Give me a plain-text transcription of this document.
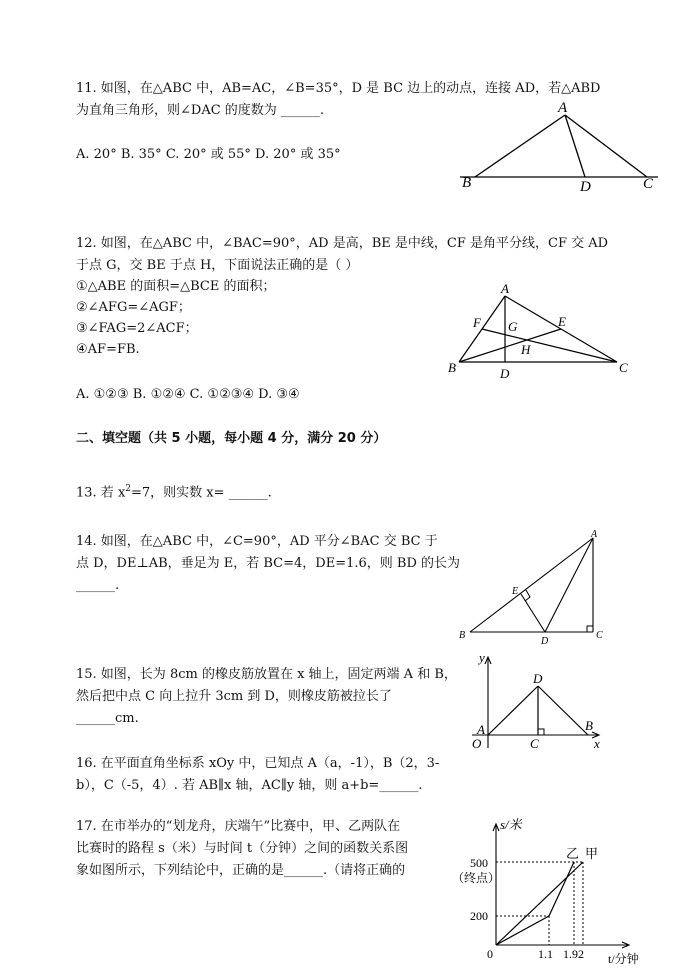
11. 如图，在△ABC 中，AB=AC，∠B=35°，D 是 BC 边上的动点，连接 AD，若△ABD
为直角三角形，则∠DAC 的度数为 ______.
A. 20° B. 35° C. 20° 或 55° D. 20° 或 35°
A
B	D	C
12. 如图，在△ABC 中，∠BAC=90°，AD 是高，BE 是中线，CF 是角平分线，CF 交 AD
于点 G，交 BE 于点 H，下面说法正确的是（ ）
①△ABE 的面积=△BCE 的面积；
②∠AFG=∠AGF；
③∠FAG=2∠ACF；
④AF=FB.
A. ①②③ B. ①②④ C. ①②③④ D. ③④
A
B	C
D
E
F G
H
二、填空题（共 5 小题，每小题 4 分，满分 20 分）
13. 若 $x^2=7$，则实数 x= ______.
14. 如图，在△ABC 中，∠C=90°，AD 平分∠BAC 交 BC 于
点 D，DE⊥AB，垂足为 E，若 BC=4，DE=1.6，则 BD 的长为
______.
A
B	C
D
E
15. 如图，长为 8cm 的橡皮筋放置在 x 轴上，固定两端 A 和 B，
然后把中点 C 向上拉升 3cm 到 D，则橡皮筋被拉长了
______cm.
y
x
O
A	B
C
D
16. 在平面直角坐标系 xOy 中，已知点 A（a，-1），B（2，3-
b），C（-5，4）. 若 AB∥x 轴，AC∥y 轴，则 a+b=______.
17. 在市举办的“划龙舟，庆端午”比赛中，甲、乙两队在
比赛时的路程 s（米）与时间 t（分钟）之间的函数关系图
象如图所示，下列结论中，正确的是______.（请将正确的
s/米
t/分钟
500
（终点）
200
0	1.1 1.92
乙 甲
